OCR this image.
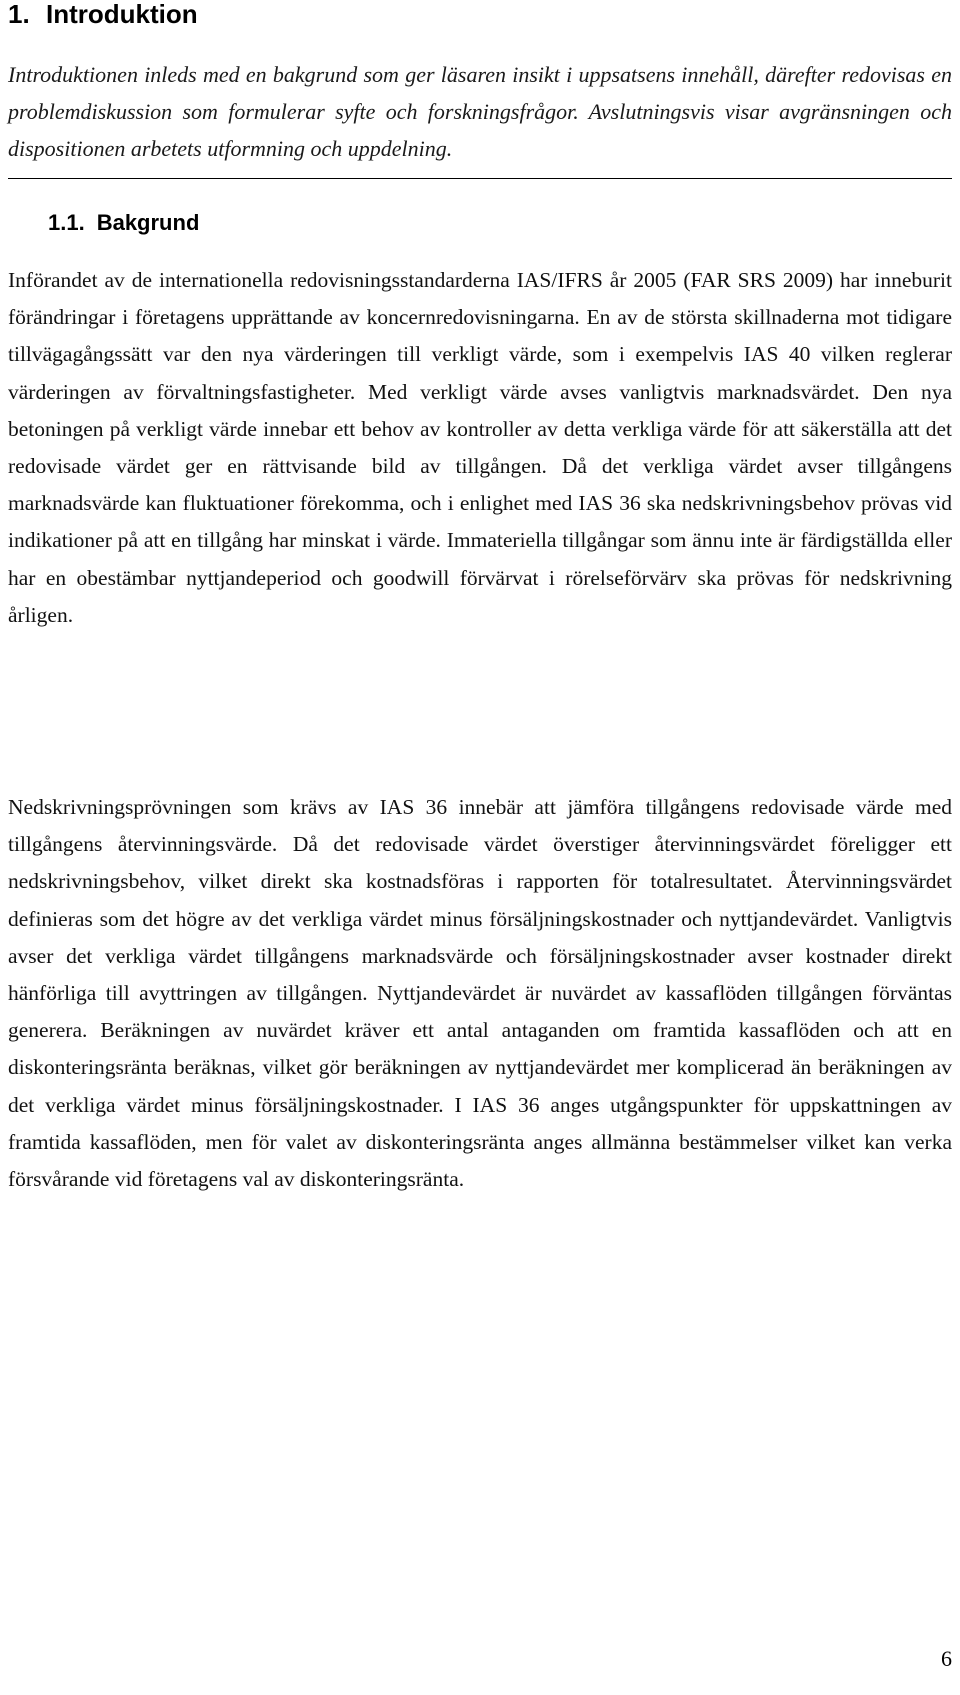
1. Introduktion

Introduktionen inleds med en bakgrund som ger läsaren insikt i uppsatsens innehåll, därefter redovisas en problemdiskussion som formulerar syfte och forskningsfrågor. Avslutningsvis visar avgränsningen och dispositionen arbetets utformning och uppdelning.

1.1. Bakgrund

Införandet av de internationella redovisningsstandarderna IAS/IFRS år 2005 (FAR SRS 2009) har inneburit förändringar i företagens upprättande av koncernredovisningarna. En av de största skillnaderna mot tidigare tillvägagångssätt var den nya värderingen till verkligt värde, som i exempelvis IAS 40 vilken reglerar värderingen av förvaltningsfastigheter. Med verkligt värde avses vanligtvis marknadsvärdet. Den nya betoningen på verkligt värde innebar ett behov av kontroller av detta verkliga värde för att säkerställa att det redovisade värdet ger en rättvisande bild av tillgången. Då det verkliga värdet avser tillgångens marknadsvärde kan fluktuationer förekomma, och i enlighet med IAS 36 ska nedskrivningsbehov prövas vid indikationer på att en tillgång har minskat i värde. Immateriella tillgångar som ännu inte är färdigställda eller har en obestämbar nyttjandeperiod och goodwill förvärvat i rörelseförvärv ska prövas för nedskrivning årligen.

Nedskrivningsprövningen som krävs av IAS 36 innebär att jämföra tillgångens redovisade värde med tillgångens återvinningsvärde. Då det redovisade värdet överstiger återvinningsvärdet föreligger ett nedskrivningsbehov, vilket direkt ska kostnadsföras i rapporten för totalresultatet. Återvinningsvärdet definieras som det högre av det verkliga värdet minus försäljningskostnader och nyttjandevärdet. Vanligtvis avser det verkliga värdet tillgångens marknadsvärde och försäljningskostnader avser kostnader direkt hänförliga till avyttringen av tillgången. Nyttjandevärdet är nuvärdet av kassaflöden tillgången förväntas generera. Beräkningen av nuvärdet kräver ett antal antaganden om framtida kassaflöden och att en diskonteringsränta beräknas, vilket gör beräkningen av nyttjandevärdet mer komplicerad än beräkningen av det verkliga värdet minus försäljningskostnader. I IAS 36 anges utgångspunkter för uppskattningen av framtida kassaflöden, men för valet av diskonteringsränta anges allmänna bestämmelser vilket kan verka försvårande vid företagens val av diskonteringsränta.

6
